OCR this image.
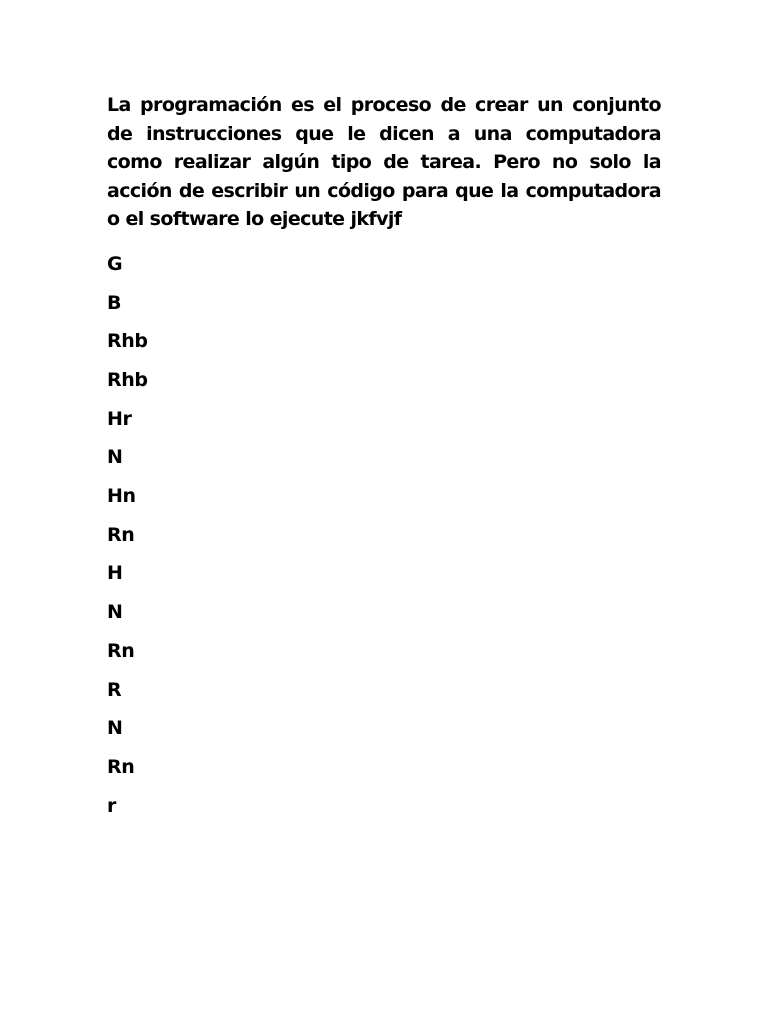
La programación es el proceso de crear un conjunto de instrucciones que le dicen a una computadora como realizar algún tipo de tarea. Pero no solo la acción de escribir un código para que la computadora o el software lo ejecute jkfvjf

G
B
Rhb
Rhb
Hr
N
Hn
Rn
H
N
Rn
R
N
Rn
r
